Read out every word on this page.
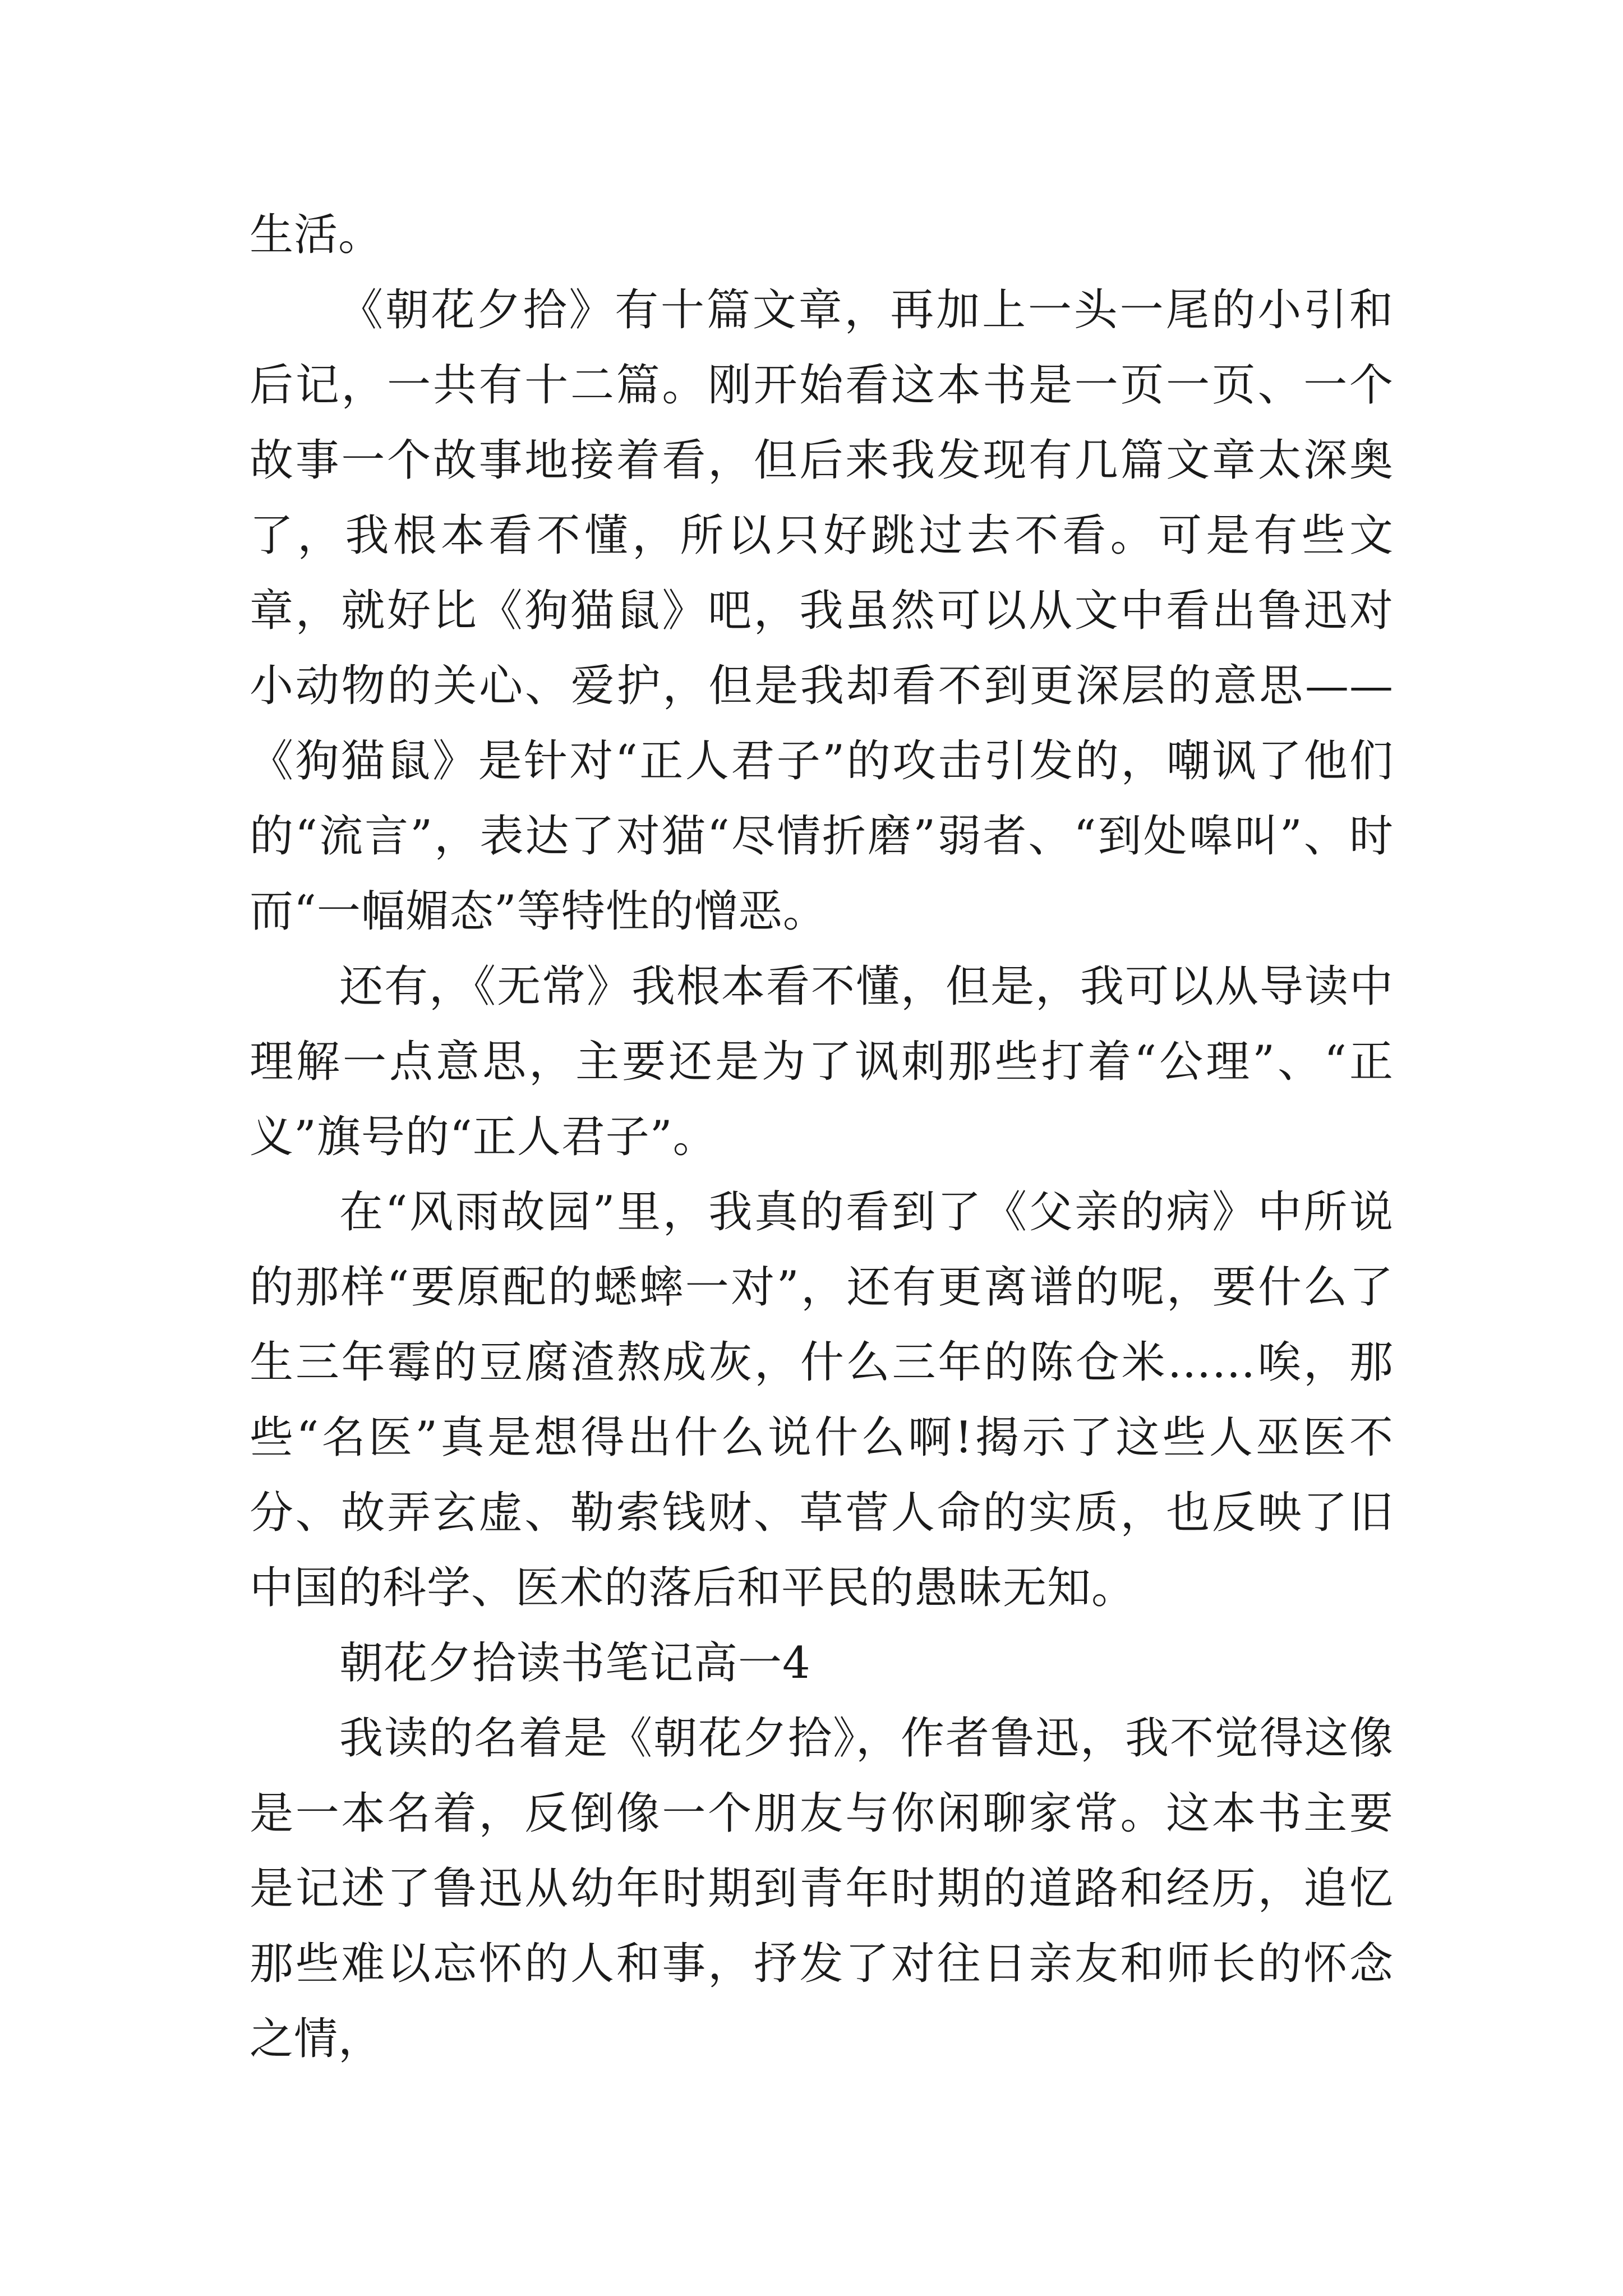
生活。

《朝花夕拾》有十篇文章，再加上一头一尾的小引和后记，一共有十二篇。刚开始看这本书是一页一页、一个故事一个故事地接着看，但后来我发现有几篇文章太深奥了，我根本看不懂，所以只好跳过去不看。可是有些文章，就好比《狗猫鼠》吧，我虽然可以从文中看出鲁迅对小动物的关心、爱护，但是我却看不到更深层的意思——《狗猫鼠》是针对“正人君子”的攻击引发的，嘲讽了他们的“流言”，表达了对猫“尽情折磨”弱者、“到处嗥叫”、时而“一幅媚态”等特性的憎恶。

还有，《无常》我根本看不懂，但是，我可以从导读中理解一点意思，主要还是为了讽刺那些打着“公理”、“正义”旗号的“正人君子”。

在“风雨故园”里，我真的看到了《父亲的病》中所说的那样“要原配的蟋蟀一对”，还有更离谱的呢，要什么了生三年霉的豆腐渣熬成灰，什么三年的陈仓米……唉，那些“名医”真是想得出什么说什么啊!揭示了这些人巫医不分、故弄玄虚、勒索钱财、草菅人命的实质，也反映了旧中国的科学、医术的落后和平民的愚昧无知。

朝花夕拾读书笔记高一4

我读的名着是《朝花夕拾》，作者鲁迅，我不觉得这像是一本名着，反倒像一个朋友与你闲聊家常。这本书主要是记述了鲁迅从幼年时期到青年时期的道路和经历，追忆那些难以忘怀的人和事，抒发了对往日亲友和师长的怀念之情，
